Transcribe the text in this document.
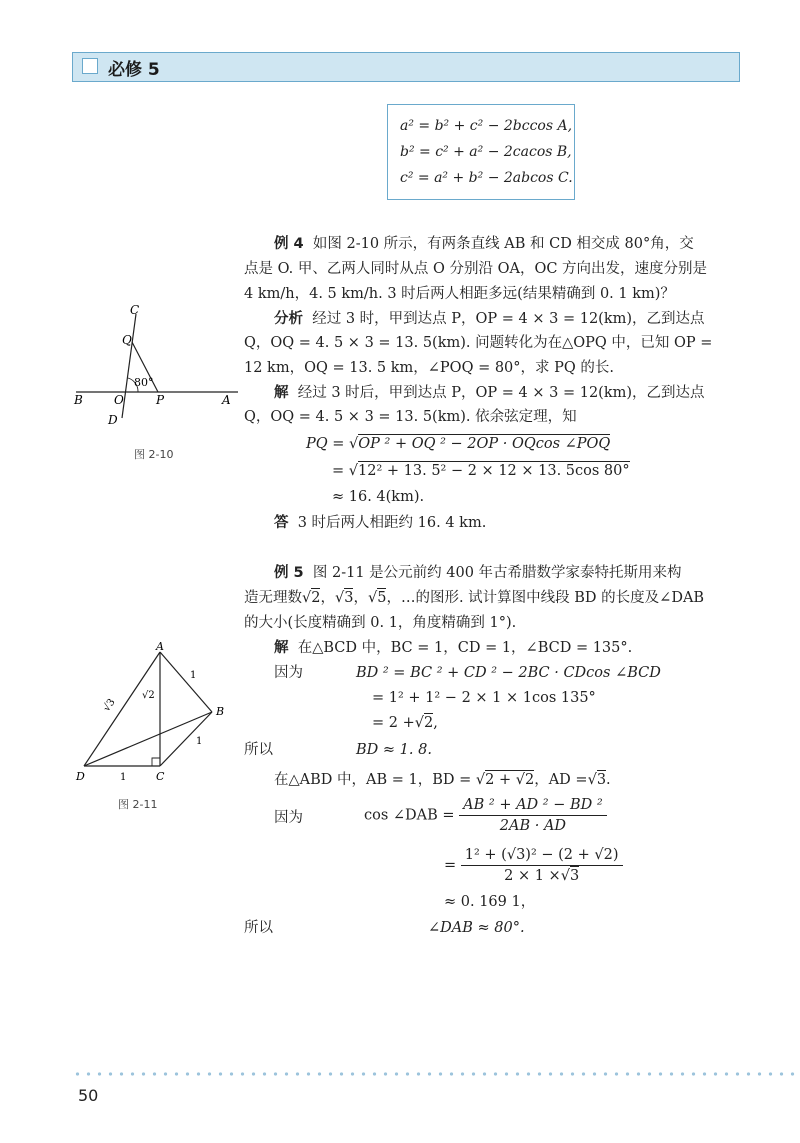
必修 5
a² = b² + c² − 2bccos A,
b² = c² + a² − 2cacos B,
c² = a² + b² − 2abcos C.
例 4 如图 2-10 所示，有两条直线 AB 和 CD 相交成 80°角，交
点是 O. 甲、乙两人同时从点 O 分别沿 OA，OC 方向出发，速度分别是
4 km/h，4. 5 km/h. 3 时后两人相距多远(结果精确到 0. 1 km)？
分析 经过 3 时，甲到达点 P，OP = 4 × 3 = 12(km)，乙到达点
Q，OQ = 4. 5 × 3 = 13. 5(km). 问题转化为在△OPQ 中，已知 OP =
12 km，OQ = 13. 5 km，∠POQ = 80°，求 PQ 的长.
解 经过 3 时后，甲到达点 P，OP = 4 × 3 = 12(km)，乙到达点
Q，OQ = 4. 5 × 3 = 13. 5(km). 依余弦定理，知
PQ = √OP ² + OQ ² − 2OP · OQcos ∠POQ
= √12² + 13. 5² − 2 × 12 × 13. 5cos 80°
≈ 16. 4(km).
答 3 时后两人相距约 16. 4 km.
C
Q
80°
B	O	P	A
D
图 2-10
例 5 图 2-11 是公元前约 400 年古希腊数学家泰特托斯用来构
造无理数√2，√3，√5，…的图形. 试计算图中线段 BD 的长度及∠DAB
的大小(长度精确到 0. 1，角度精确到 1°).
解 在△BCD 中，BC = 1，CD = 1，∠BCD = 135°.
因为	BD ² = BC ² + CD ² − 2BC · CDcos ∠BCD
= 1² + 1² − 2 × 1 × 1cos 135°
= 2 +√2,
所以	BD ≈ 1. 8.
在△ABD 中，AB = 1，BD = √2 + √2，AD =√3.
因为	cos ∠DAB = $\frac{\text{AB ² + AD ² − BD ²}}{2AB \cdot AD}$
= $\frac{\text{1² + (√3)² − (2 + √2)}}{2 \times 1 \times√3}$
≈ 0. 169 1，
所以	∠DAB ≈ 80°.
A
B
C
D
1
1
1
√2
√3
图 2-11
50
